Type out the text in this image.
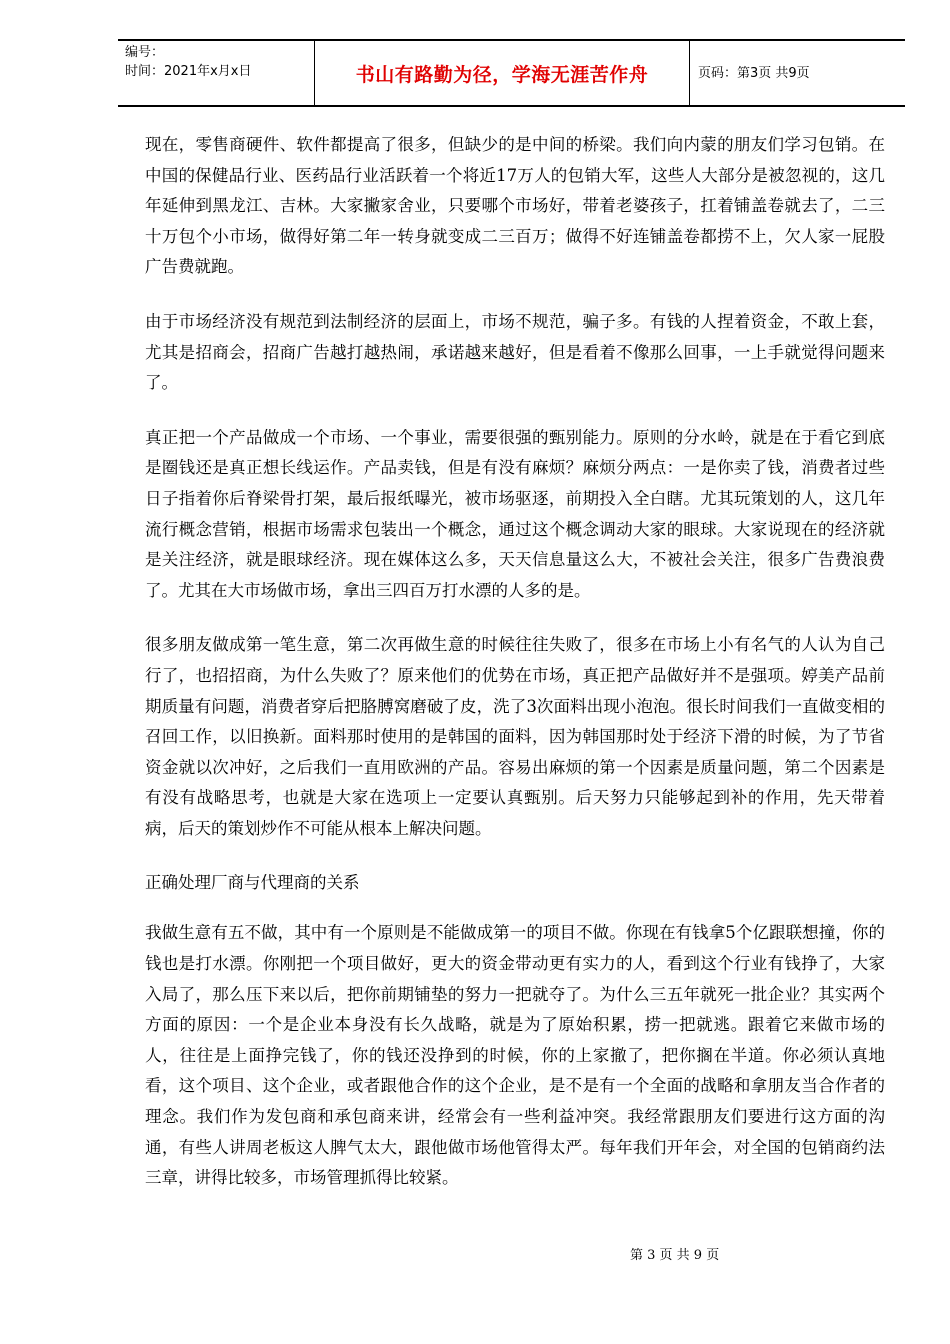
编号：
时间：2021年x月x日	书山有路勤为径，学海无涯苦作舟	页码：第3页 共9页

现在，零售商硬件、软件都提高了很多，但缺少的是中间的桥梁。我们向内蒙的朋友们学习包销。在中国的保健品行业、医药品行业活跃着一个将近17万人的包销大军，这些人大部分是被忽视的，这几年延伸到黑龙江、吉林。大家撇家舍业，只要哪个市场好，带着老婆孩子，扛着铺盖卷就去了，二三十万包个小市场，做得好第二年一转身就变成二三百万；做得不好连铺盖卷都捞不上，欠人家一屁股广告费就跑。

由于市场经济没有规范到法制经济的层面上，市场不规范，骗子多。有钱的人捏着资金，不敢上套，尤其是招商会，招商广告越打越热闹，承诺越来越好，但是看着不像那么回事，一上手就觉得问题来了。

真正把一个产品做成一个市场、一个事业，需要很强的甄别能力。原则的分水岭，就是在于看它到底是圈钱还是真正想长线运作。产品卖钱，但是有没有麻烦？麻烦分两点：一是你卖了钱，消费者过些日子指着你后脊梁骨打架，最后报纸曝光，被市场驱逐，前期投入全白瞎。尤其玩策划的人，这几年流行概念营销，根据市场需求包装出一个概念，通过这个概念调动大家的眼球。大家说现在的经济就是关注经济，就是眼球经济。现在媒体这么多，天天信息量这么大，不被社会关注，很多广告费浪费了。尤其在大市场做市场，拿出三四百万打水漂的人多的是。

很多朋友做成第一笔生意，第二次再做生意的时候往往失败了，很多在市场上小有名气的人认为自己行了，也招招商，为什么失败了？原来他们的优势在市场，真正把产品做好并不是强项。婷美产品前期质量有问题，消费者穿后把胳膊窝磨破了皮，洗了3次面料出现小泡泡。很长时间我们一直做变相的召回工作，以旧换新。面料那时使用的是韩国的面料，因为韩国那时处于经济下滑的时候，为了节省资金就以次冲好，之后我们一直用欧洲的产品。容易出麻烦的第一个因素是质量问题，第二个因素是有没有战略思考，也就是大家在选项上一定要认真甄别。后天努力只能够起到补的作用，先天带着病，后天的策划炒作不可能从根本上解决问题。

正确处理厂商与代理商的关系

我做生意有五不做，其中有一个原则是不能做成第一的项目不做。你现在有钱拿5个亿跟联想撞，你的钱也是打水漂。你刚把一个项目做好，更大的资金带动更有实力的人，看到这个行业有钱挣了，大家入局了，那么压下来以后，把你前期铺垫的努力一把就夺了。为什么三五年就死一批企业？其实两个方面的原因：一个是企业本身没有长久战略，就是为了原始积累，捞一把就逃。跟着它来做市场的人，往往是上面挣完钱了，你的钱还没挣到的时候，你的上家撤了，把你搁在半道。你必须认真地看，这个项目、这个企业，或者跟他合作的这个企业，是不是有一个全面的战略和拿朋友当合作者的理念。我们作为发包商和承包商来讲，经常会有一些利益冲突。我经常跟朋友们要进行这方面的沟通，有些人讲周老板这人脾气太大，跟他做市场他管得太严。每年我们开年会，对全国的包销商约法三章，讲得比较多，市场管理抓得比较紧。

第 3 页 共 9 页
